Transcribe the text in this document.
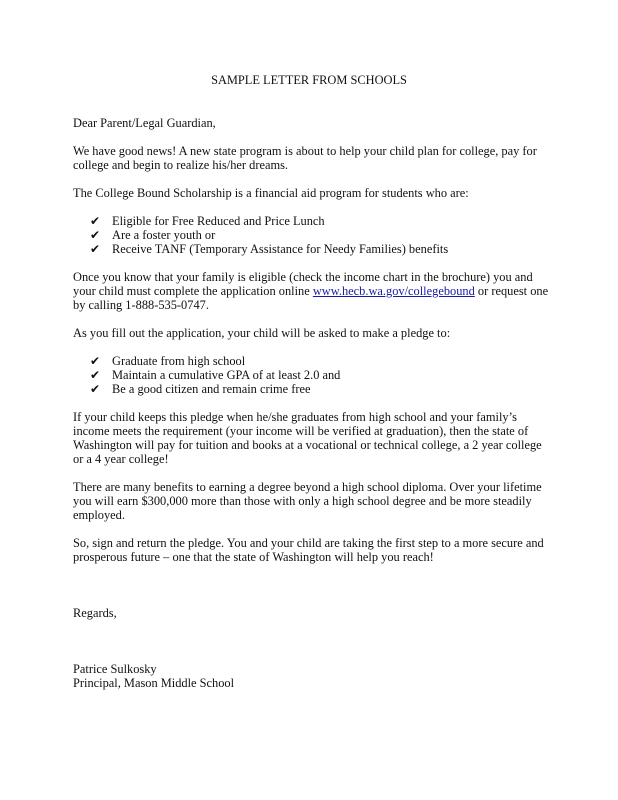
SAMPLE LETTER FROM SCHOOLS

Dear Parent/Legal Guardian,

We have good news! A new state program is about to help your child plan for college, pay for college and begin to realize his/her dreams.

The College Bound Scholarship is a financial aid program for students who are:

✔ Eligible for Free Reduced and Price Lunch
✔ Are a foster youth or
✔ Receive TANF (Temporary Assistance for Needy Families) benefits

Once you know that your family is eligible (check the income chart in the brochure) you and your child must complete the application online www.hecb.wa.gov/collegebound or request one by calling 1-888-535-0747.

As you fill out the application, your child will be asked to make a pledge to:

✔ Graduate from high school
✔ Maintain a cumulative GPA of at least 2.0 and
✔ Be a good citizen and remain crime free

If your child keeps this pledge when he/she graduates from high school and your family’s income meets the requirement (your income will be verified at graduation), then the state of Washington will pay for tuition and books at a vocational or technical college, a 2 year college or a 4 year college!

There are many benefits to earning a degree beyond a high school diploma. Over your lifetime you will earn $300,000 more than those with only a high school degree and be more steadily employed.

So, sign and return the pledge. You and your child are taking the first step to a more secure and prosperous future – one that the state of Washington will help you reach!

Regards,

Patrice Sulkosky

Principal, Mason Middle School
